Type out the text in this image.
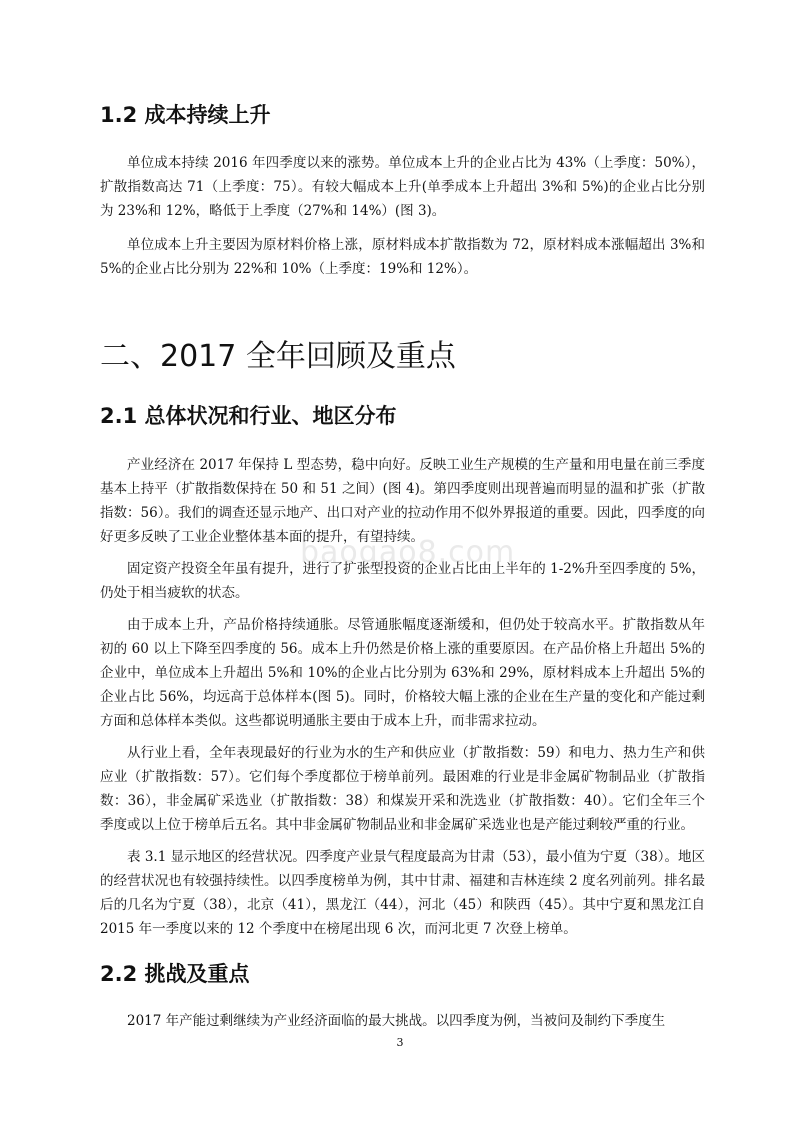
baogao8.com
1.2 成本持续上升

单位成本持续 2016 年四季度以来的涨势。单位成本上升的企业占比为 43%（上季度：50%），扩散指数高达 71（上季度：75）。有较大幅成本上升(单季成本上升超出 3%和 5%)的企业占比分别为 23%和 12%，略低于上季度（27%和 14%）(图 3)。

单位成本上升主要因为原材料价格上涨，原材料成本扩散指数为 72，原材料成本涨幅超出 3%和 5%的企业占比分别为 22%和 10%（上季度：19%和 12%）。

二、2017 全年回顾及重点
2.1 总体状况和行业、地区分布

产业经济在 2017 年保持 L 型态势，稳中向好。反映工业生产规模的生产量和用电量在前三季度基本上持平（扩散指数保持在 50 和 51 之间）(图 4)。第四季度则出现普遍而明显的温和扩张（扩散指数：56）。我们的调查还显示地产、出口对产业的拉动作用不似外界报道的重要。因此，四季度的向好更多反映了工业企业整体基本面的提升，有望持续。

固定资产投资全年虽有提升，进行了扩张型投资的企业占比由上半年的 1-2%升至四季度的 5%，仍处于相当疲软的状态。

由于成本上升，产品价格持续通胀。尽管通胀幅度逐渐缓和，但仍处于较高水平。扩散指数从年初的 60 以上下降至四季度的 56。成本上升仍然是价格上涨的重要原因。在产品价格上升超出 5%的企业中，单位成本上升超出 5%和 10%的企业占比分别为 63%和 29%，原材料成本上升超出 5%的企业占比 56%，均远高于总体样本(图 5)。同时，价格较大幅上涨的企业在生产量的变化和产能过剩方面和总体样本类似。这些都说明通胀主要由于成本上升，而非需求拉动。

从行业上看，全年表现最好的行业为水的生产和供应业（扩散指数：59）和电力、热力生产和供应业（扩散指数：57）。它们每个季度都位于榜单前列。最困难的行业是非金属矿物制品业（扩散指数：36），非金属矿采选业（扩散指数：38）和煤炭开采和洗选业（扩散指数：40）。它们全年三个季度或以上位于榜单后五名。其中非金属矿物制品业和非金属矿采选业也是产能过剩较严重的行业。

表 3.1 显示地区的经营状况。四季度产业景气程度最高为甘肃（53），最小值为宁夏（38）。地区的经营状况也有较强持续性。以四季度榜单为例，其中甘肃、福建和吉林连续 2 度名列前列。排名最后的几名为宁夏（38），北京（41），黑龙江（44），河北（45）和陕西（45）。其中宁夏和黑龙江自 2015 年一季度以来的 12 个季度中在榜尾出现 6 次，而河北更 7 次登上榜单。

2.2 挑战及重点

2017 年产能过剩继续为产业经济面临的最大挑战。以四季度为例，当被问及制约下季度生

3
